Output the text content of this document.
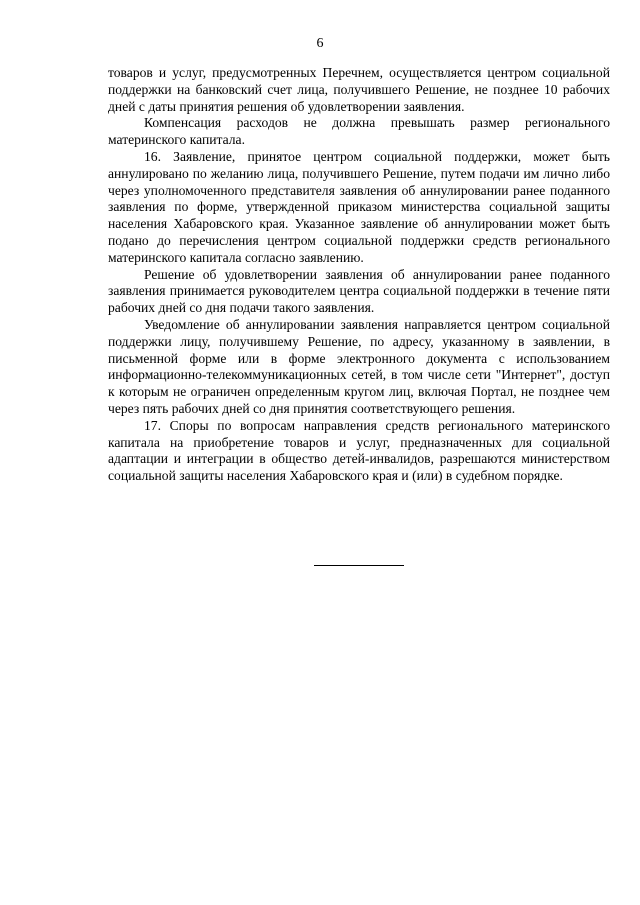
6

товаров и услуг, предусмотренных Перечнем, осуществляется центром социальной поддержки на банковский счет лица, получившего Решение, не позднее 10 рабочих дней с даты принятия решения об удовлетворении заявления.

Компенсация расходов не должна превышать размер регионального материнского капитала.

16. Заявление, принятое центром социальной поддержки, может быть аннулировано по желанию лица, получившего Решение, путем подачи им лично либо через уполномоченного представителя заявления об аннулировании ранее поданного заявления по форме, утвержденной приказом министерства социальной защиты населения Хабаровского края. Указанное заявление об аннулировании может быть подано до перечисления центром социальной поддержки средств регионального материнского капитала согласно заявлению.

Решение об удовлетворении заявления об аннулировании ранее поданного заявления принимается руководителем центра социальной поддержки в течение пяти рабочих дней со дня подачи такого заявления.

Уведомление об аннулировании заявления направляется центром социальной поддержки лицу, получившему Решение, по адресу, указанному в заявлении, в письменной форме или в форме электронного документа с использованием информационно-телекоммуникационных сетей, в том числе сети "Интернет", доступ к которым не ограничен определенным кругом лиц, включая Портал, не позднее чем через пять рабочих дней со дня принятия соответствующего решения.

17. Споры по вопросам направления средств регионального материнского капитала на приобретение товаров и услуг, предназначенных для социальной адаптации и интеграции в общество детей-инвалидов, разрешаются министерством социальной защиты населения Хабаровского края и (или) в судебном порядке.
